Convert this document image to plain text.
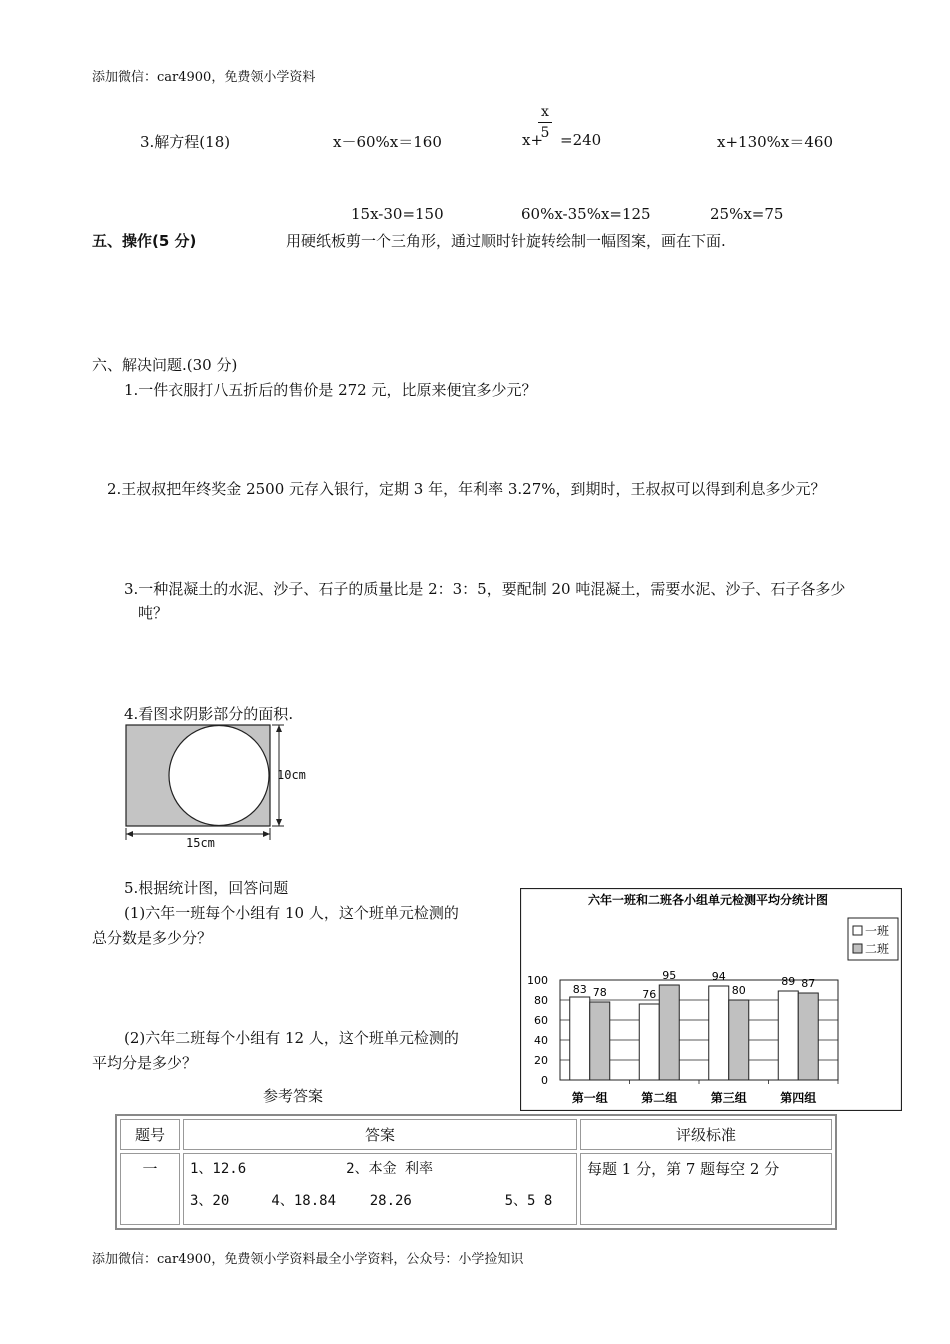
添加微信：car4900，免费领小学资料
3.解方程(18)	x－60%x＝160	x+
x
5 =240	x+130%x＝460
15x-30=150	60%x-35%x=125	25%x=75
五、操作(5 分)	用硬纸板剪一个三角形，通过顺时针旋转绘制一幅图案，画在下面.
六、解决问题.(30 分)
1.一件衣服打八五折后的售价是 272 元，比原来便宜多少元？
2.王叔叔把年终奖金 2500 元存入银行，定期 3 年，年利率 3.27%，到期时，王叔叔可以得到利息多少元？
3.一种混凝土的水泥、沙子、石子的质量比是 2：3：5，要配制 20 吨混凝土，需要水泥、沙子、石子各多少
吨？
4.看图求阴影部分的面积.
10cm
15cm
5.根据统计图，回答问题
(1)六年一班每个小组有 10 人，这个班单元检测的
总分数是多少分？
(2)六年二班每个小组有 12 人，这个班单元检测的
平均分是多少？
六年一班和二班各小组单元检测平均分统计图
一班
二班
0
20
40
60
80
100
83 78
第一组
76
95
第二组
94
80
第三组
89 87
第四组
参考答案
题号	答案	评级标准
一	1、12.6 2、本金 利率
3、20     4、18.84    28.26           5、5 8	每题 1 分，第 7 题每空 2 分
添加微信：car4900，免费领小学资料最全小学资料，公众号：小学捡知识
